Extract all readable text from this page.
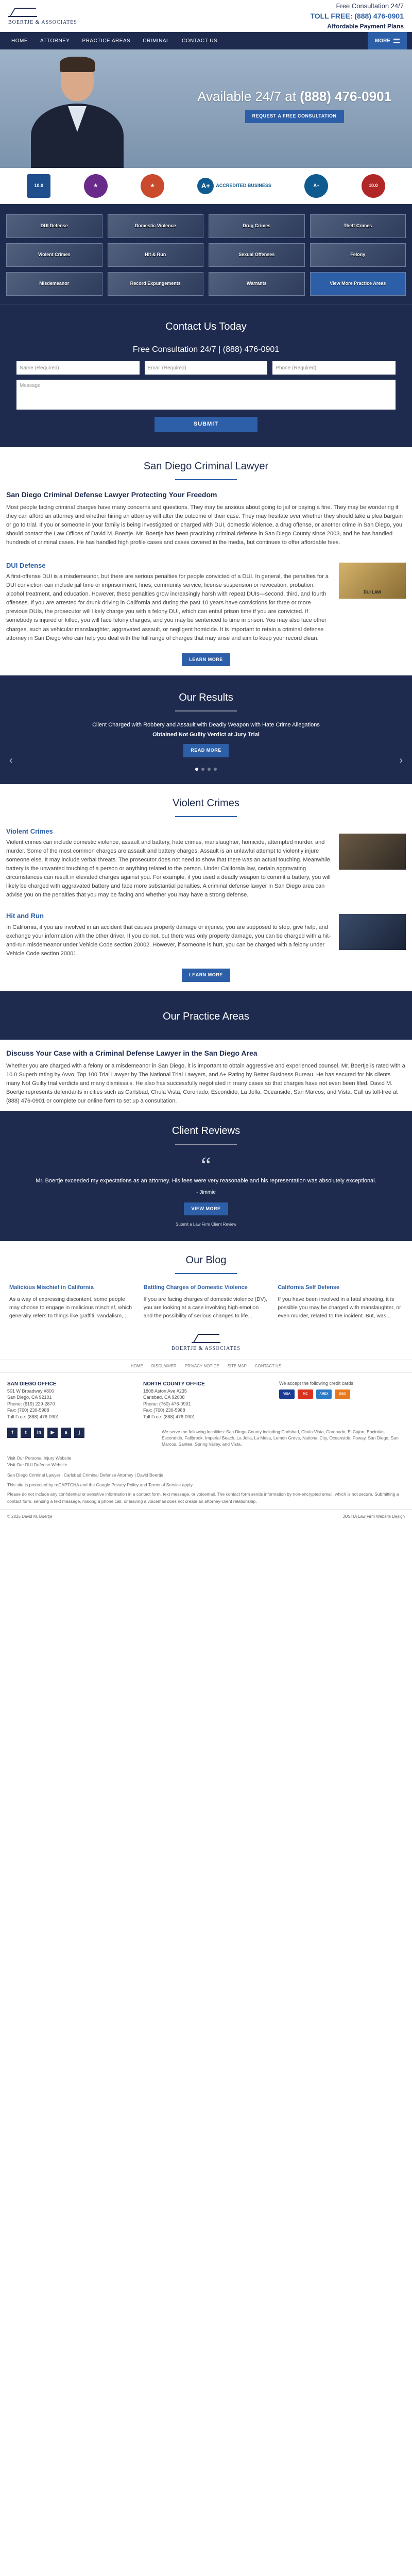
BOERTJE & ASSOCIATES
Free Consultation 24/7
TOLL FREE: (888) 476-0901
Affordable Payment Plans
HOME	ATTORNEY	PRACTICE AREAS	CRIMINAL	CONTACT US	MORE
Available 24/7 at (888) 476-0901
REQUEST A FREE CONSULTATION
10.0	★	★	A+	ACCREDITED BUSINESS	A+	10.0
DUI Defense	Domestic Violence	Drug Crimes	Theft Crimes
Violent Crimes	Hit & Run	Sexual Offenses	Felony
Misdemeanor	Record Expungements	Warrants	View More Practice Areas
Contact Us Today
Free Consultation 24/7 | (888) 476-0901
Name (Required)	Email (Required)	Phone (Required)
Message
SUBMIT
San Diego Criminal Lawyer
San Diego Criminal Defense Lawyer Protecting Your Freedom

Most people facing criminal charges have many concerns and questions. They may be anxious about going to jail or paying a fine. They may be wondering if they can afford an attorney and whether hiring an attorney will alter the outcome of their case. They may hesitate over whether they should take a plea bargain or go to trial. If you or someone in your family is being investigated or charged with DUI, domestic violence, a drug offense, or another crime in San Diego, you should contact the Law Offices of David M. Boertje. Mr. Boertje has been practicing criminal defense in San Diego County since 2003, and he has handled hundreds of criminal cases. He has handled high profile cases and cases covered in the media, but continues to offer affordable fees.

DUI Defense

A first-offense DUI is a misdemeanor, but there are serious penalties for people convicted of a DUI. In general, the penalties for a DUI conviction can include jail time or imprisonment, fines, community service, license suspension or revocation, probation, alcohol treatment, and education. However, these penalties grow increasingly harsh with repeat DUIs—second, third, and fourth offenses. If you are arrested for drunk driving in California and during the past 10 years have convictions for three or more previous DUIs, the prosecutor will likely charge you with a felony DUI, which can entail prison time if you are convicted. If somebody is injured or killed, you will face felony charges, and you may be sentenced to time in prison. You may also face other charges, such as vehicular manslaughter, aggravated assault, or negligent homicide. It is important to retain a criminal defense attorney in San Diego who can help you deal with the full range of charges that may arise and aim to keep your record clean.

DUI LAW
LEARN MORE
Our Results
Client Charged with Robbery and Assault with Deadly Weapon with Hate Crime Allegations
Obtained Not Guilty Verdict at Jury Trial
READ MORE
‹	›
Violent Crimes
Violent Crimes

Violent crimes can include domestic violence, assault and battery, hate crimes, manslaughter, homicide, attempted murder, and murder. Some of the most common charges are assault and battery charges. Assault is an unlawful attempt to violently injure someone else. It may include verbal threats. The prosecutor does not need to show that there was an actual touching. Meanwhile, battery is the unwanted touching of a person or anything related to the person. Under California law, certain aggravating circumstances can result in elevated charges against you. For example, if you used a deadly weapon to commit a battery, you will likely be charged with aggravated battery and face more substantial penalties. A criminal defense lawyer in San Diego area can advise you on the penalties that you may be facing and whether you may have a strong defense.

Hit and Run

In California, if you are involved in an accident that causes property damage or injuries, you are supposed to stop, give help, and exchange your information with the other driver. If you do not, but there was only property damage, you can be charged with a hit-and-run misdemeanor under Vehicle Code section 20002. However, if someone is hurt, you can be charged with a felony under Vehicle Code section 20001.

LEARN MORE
Our Practice Areas
Discuss Your Case with a Criminal Defense Lawyer in the San Diego Area

Whether you are charged with a felony or a misdemeanor in San Diego, it is important to obtain aggressive and experienced counsel. Mr. Boertje is rated with a 10.0 Superb rating by Avvo, Top 100 Trial Lawyer by The National Trial Lawyers, and A+ Rating by Better Business Bureau. He has secured for his clients many Not Guilty trial verdicts and many dismissals. He also has successfully negotiated in many cases so that charges have not even been filed. David M. Boertje represents defendants in cities such as Carlsbad, Chula Vista, Coronado, Escondido, La Jolla, Oceanside, San Marcos, and Vista. Call us toll-free at (888) 476-0901 or complete our online form to set up a consultation.

Client Reviews
“
Mr. Boertje exceeded my expectations as an attorney. His fees were very reasonable and his representation was absolutely exceptional.
- Jimmie
VIEW MORE
Submit a Law Firm Client Review
Our Blog
Malicious Mischief in California

As a way of expressing discontent, some people may choose to engage in malicious mischief, which generally refers to things like graffiti, vandalism,...

Battling Charges of Domestic Violence

If you are facing charges of domestic violence (DV), you are looking at a case involving high emotion and the possibility of serious changes to life...

California Self Defense

If you have been involved in a fatal shooting, it is possible you may be charged with manslaughter, or even murder, related to the incident. But, was...

BOERTJE & ASSOCIATES
HOME DISCLAIMER PRIVACY NOTICE SITE MAP CONTACT US
SAN DIEGO OFFICE

501 W Broadway #800

San Diego, CA 92101

Phone: (619) 229-2870

Fax: (760) 230-5988

Toll Free: (888) 476-0901

NORTH COUNTY OFFICE

1808 Aston Ave #235

Carlsbad, CA 92008

Phone: (760) 476-0901

Fax: (760) 230-5988

Toll Free: (888) 476-0901

We accept the following credit cards

VISA	MC	AMEX	DISC
f	t	in	▶	a	j	We serve the following localities: San Diego County including Carlsbad, Chula Vista, Coronado, El Cajon, Encinitas, Escondido, Fallbrook, Imperial Beach, La Jolla, La Mesa, Lemon Grove, National City, Oceanside, Poway, San Diego, San Marcos, Santee, Spring Valley, and Vista.

Visit Our Personal Injury Website

Visit Our DUI Defense Website

San Diego Criminal Lawyer | Carlsbad Criminal Defense Attorney | David Boertje

This site is protected by reCAPTCHA and the Google Privacy Policy and Terms of Service apply.

Please do not include any confidential or sensitive information in a contact form, text message, or voicemail. The contact form sends information by non-encrypted email, which is not secure. Submitting a contact form, sending a text message, making a phone call, or leaving a voicemail does not create an attorney-client relationship.

© 2025 David M. Boertje	JUSTIA Law Firm Website Design
